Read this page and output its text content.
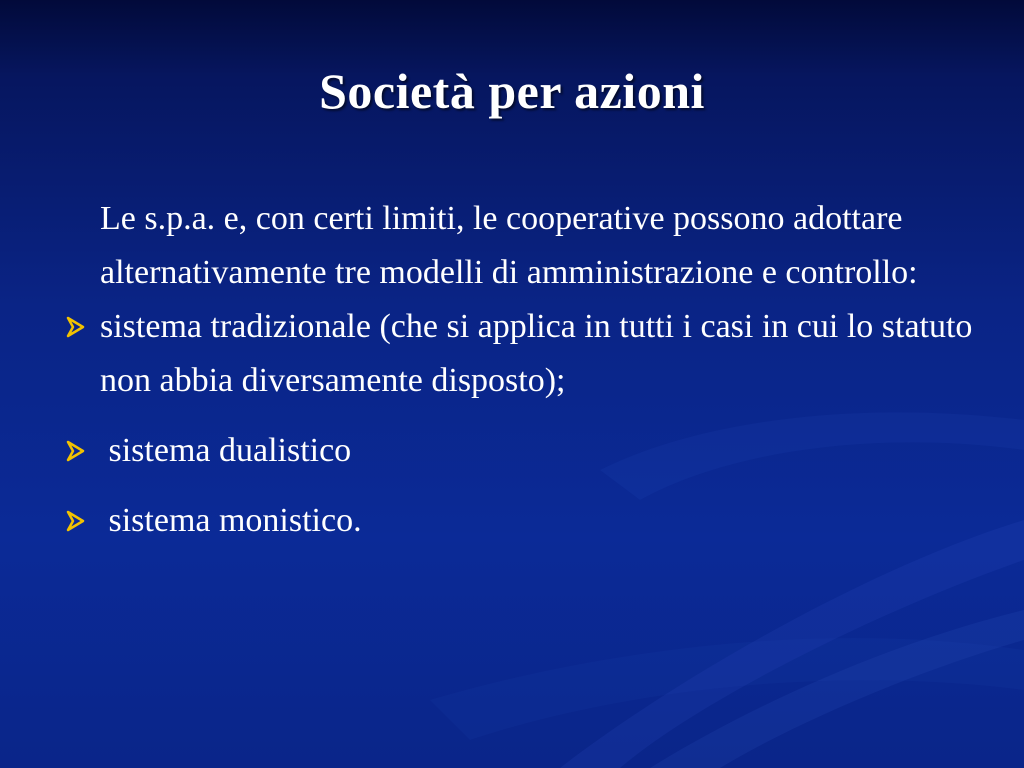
Società per azioni
Le s.p.a. e, con certi limiti, le cooperative possono adottare alternativamente tre modelli di amministrazione e controllo:
sistema tradizionale (che si applica in tutti i casi in cui lo statuto non abbia diversamente disposto);
sistema dualistico
sistema monistico.
